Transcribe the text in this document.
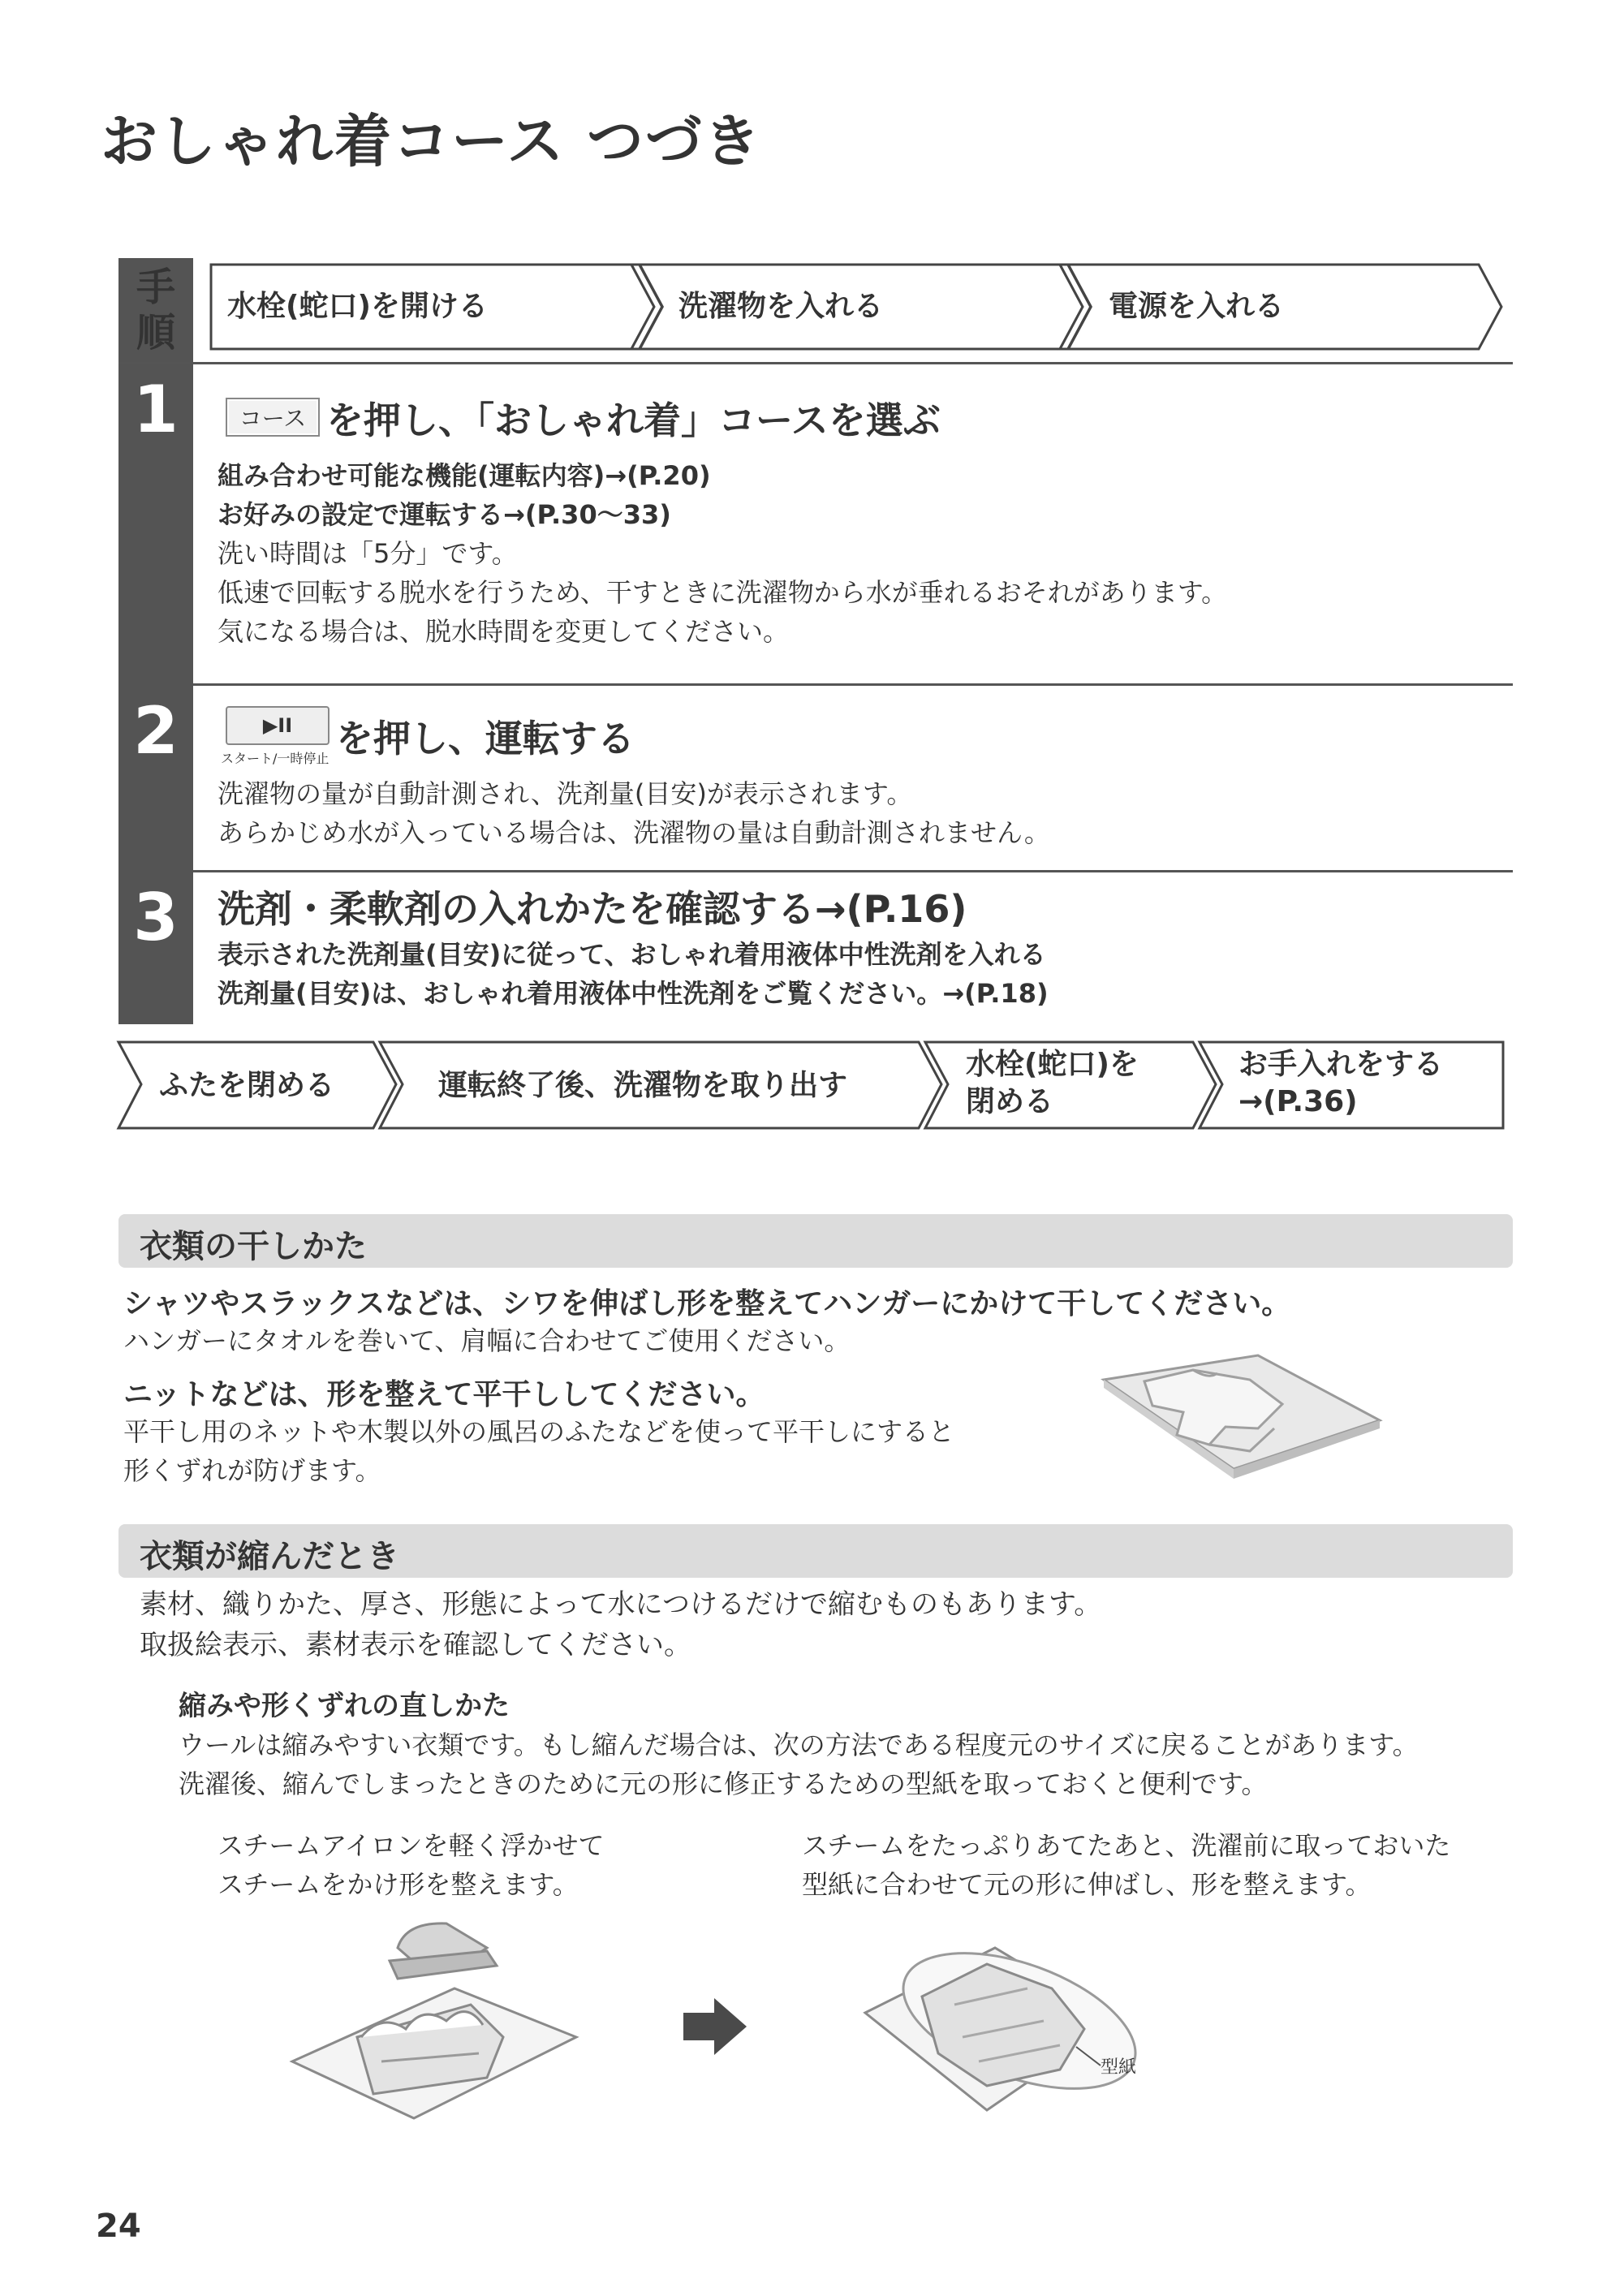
おしゃれ着コース つづき
手順
水栓(蛇口)を開ける	洗濯物を入れる	電源を入れる
1	コース を押し、「おしゃれ着」コースを選ぶ
組み合わせ可能な機能(運転内容)→(P.20)
お好みの設定で運転する→(P.30〜33)
洗い時間は「5分」です。
低速で回転する脱水を行うため、干すときに洗濯物から水が垂れるおそれがあります。
気になる場合は、脱水時間を変更してください。
2	▶II
スタート/一時停止 を押し、運転する
洗濯物の量が自動計測され、洗剤量(目安)が表示されます。
あらかじめ水が入っている場合は、洗濯物の量は自動計測されません。
3 洗剤・柔軟剤の入れかたを確認する→(P.16)
表示された洗剤量(目安)に従って、おしゃれ着用液体中性洗剤を入れる
洗剤量(目安)は、おしゃれ着用液体中性洗剤をご覧ください。→(P.18)
ふたを閉める	運転終了後、洗濯物を取り出す
水栓(蛇口)を
閉める
お手入れをする
→(P.36)
衣類の干しかた
シャツやスラックスなどは、シワを伸ばし形を整えてハンガーにかけて干してください。
ハンガーにタオルを巻いて、肩幅に合わせてご使用ください。
ニットなどは、形を整えて平干ししてください。
平干し用のネットや木製以外の風呂のふたなどを使って平干しにすると
形くずれが防げます。
衣類が縮んだとき
素材、織りかた、厚さ、形態によって水につけるだけで縮むものもあります。
取扱絵表示、素材表示を確認してください。
縮みや形くずれの直しかた
ウールは縮みやすい衣類です。もし縮んだ場合は、次の方法である程度元のサイズに戻ることがあります。
洗濯後、縮んでしまったときのために元の形に修正するための型紙を取っておくと便利です。
スチームアイロンを軽く浮かせて
スチームをかけ形を整えます。
スチームをたっぷりあてたあと、洗濯前に取っておいた
型紙に合わせて元の形に伸ばし、形を整えます。
型紙
24
